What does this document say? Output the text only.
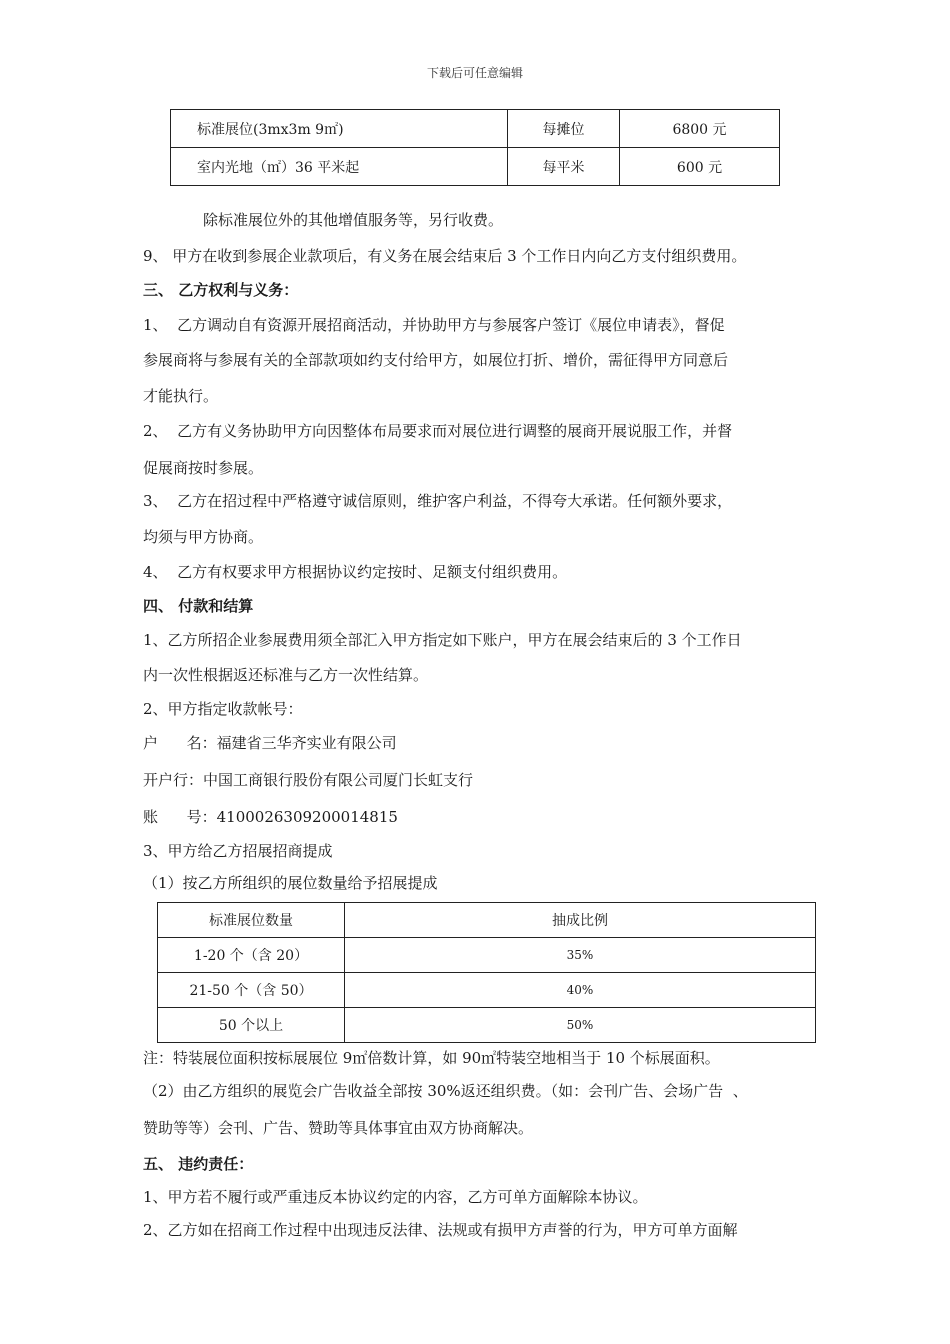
下载后可任意编辑
标准展位(3mx3m 9㎡)	每摊位	6800 元
室内光地（㎡）36 平米起	每平米	600 元
除标准展位外的其他增值服务等，另行收费。
9、 甲方在收到参展企业款项后，有义务在展会结束后 3 个工作日内向乙方支付组织费用。
三、 乙方权利与义务：
1、  乙方调动自有资源开展招商活动，并协助甲方与参展客户签订《展位申请表》，督促
参展商将与参展有关的全部款项如约支付给甲方，如展位打折、增价，需征得甲方同意后
才能执行。
2、  乙方有义务协助甲方向因整体布局要求而对展位进行调整的展商开展说服工作，并督
促展商按时参展。
3、  乙方在招过程中严格遵守诚信原则，维护客户利益，不得夸大承诺。任何额外要求，
均须与甲方协商。
4、  乙方有权要求甲方根据协议约定按时、足额支付组织费用。
四、 付款和结算
1、乙方所招企业参展费用须全部汇入甲方指定如下账户，甲方在展会结束后的 3 个工作日
内一次性根据返还标准与乙方一次性结算。
2、甲方指定收款帐号：
户      名：福建省三华齐实业有限公司
开户行：中国工商银行股份有限公司厦门长虹支行
账      号：410002630920001481​5
3、甲方给乙方招展招商提成
（1）按乙方所组织的展位数量给予招展提成
标准展位数量	抽成比例
1-20 个（含 20）	35%
21-50 个（含 50）	40%
50 个以上	50%
注：特装展位面积按标展展位 9㎡倍数计算，如 90㎡特装空地相当于 10 个标展面积。
（2）由乙方组织的展览会广告收益全部按 30%返还组织费。（如：会刊广告、会场广告  、
赞助等等）会刊、广告、赞助等具体事宜由双方协商解决。
五、 违约责任：
1、甲方若不履行或严重违反本协议约定的内容，乙方可单方面解除本协议。
2、乙方如在招商工作过程中出现违反法律、法规或有损甲方声誉的行为，甲方可单方面解
